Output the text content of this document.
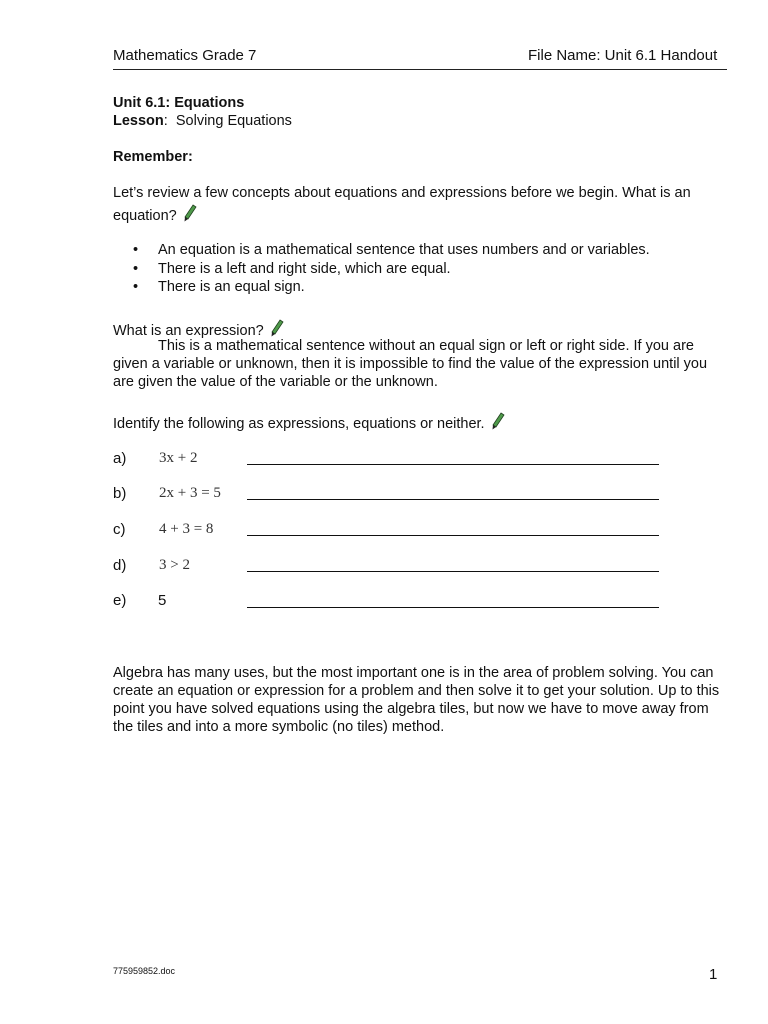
Mathematics Grade 7	File Name: Unit 6.1 Handout
Unit 6.1: Equations
Lesson: Solving Equations
Remember:
Let’s review a few concepts about equations and expressions before we begin. What is an equation?
• An equation is a mathematical sentence that uses numbers and or variables.
• There is a left and right side, which are equal.
• There is an equal sign.
What is an expression?
This is a mathematical sentence without an equal sign or left or right side. If you are given a variable or unknown, then it is impossible to find the value of the expression until you are given the value of the variable or the unknown.
Identify the following as expressions, equations or neither.
a) 3x + 2
b) 2x + 3 = 5
c) 4 + 3 = 8
d) 3 > 2
e) 5
Algebra has many uses, but the most important one is in the area of problem solving. You can create an equation or expression for a problem and then solve it to get your solution. Up to this point you have solved equations using the algebra tiles, but now we have to move away from the tiles and into a more symbolic (no tiles) method.
775959852.doc	1
